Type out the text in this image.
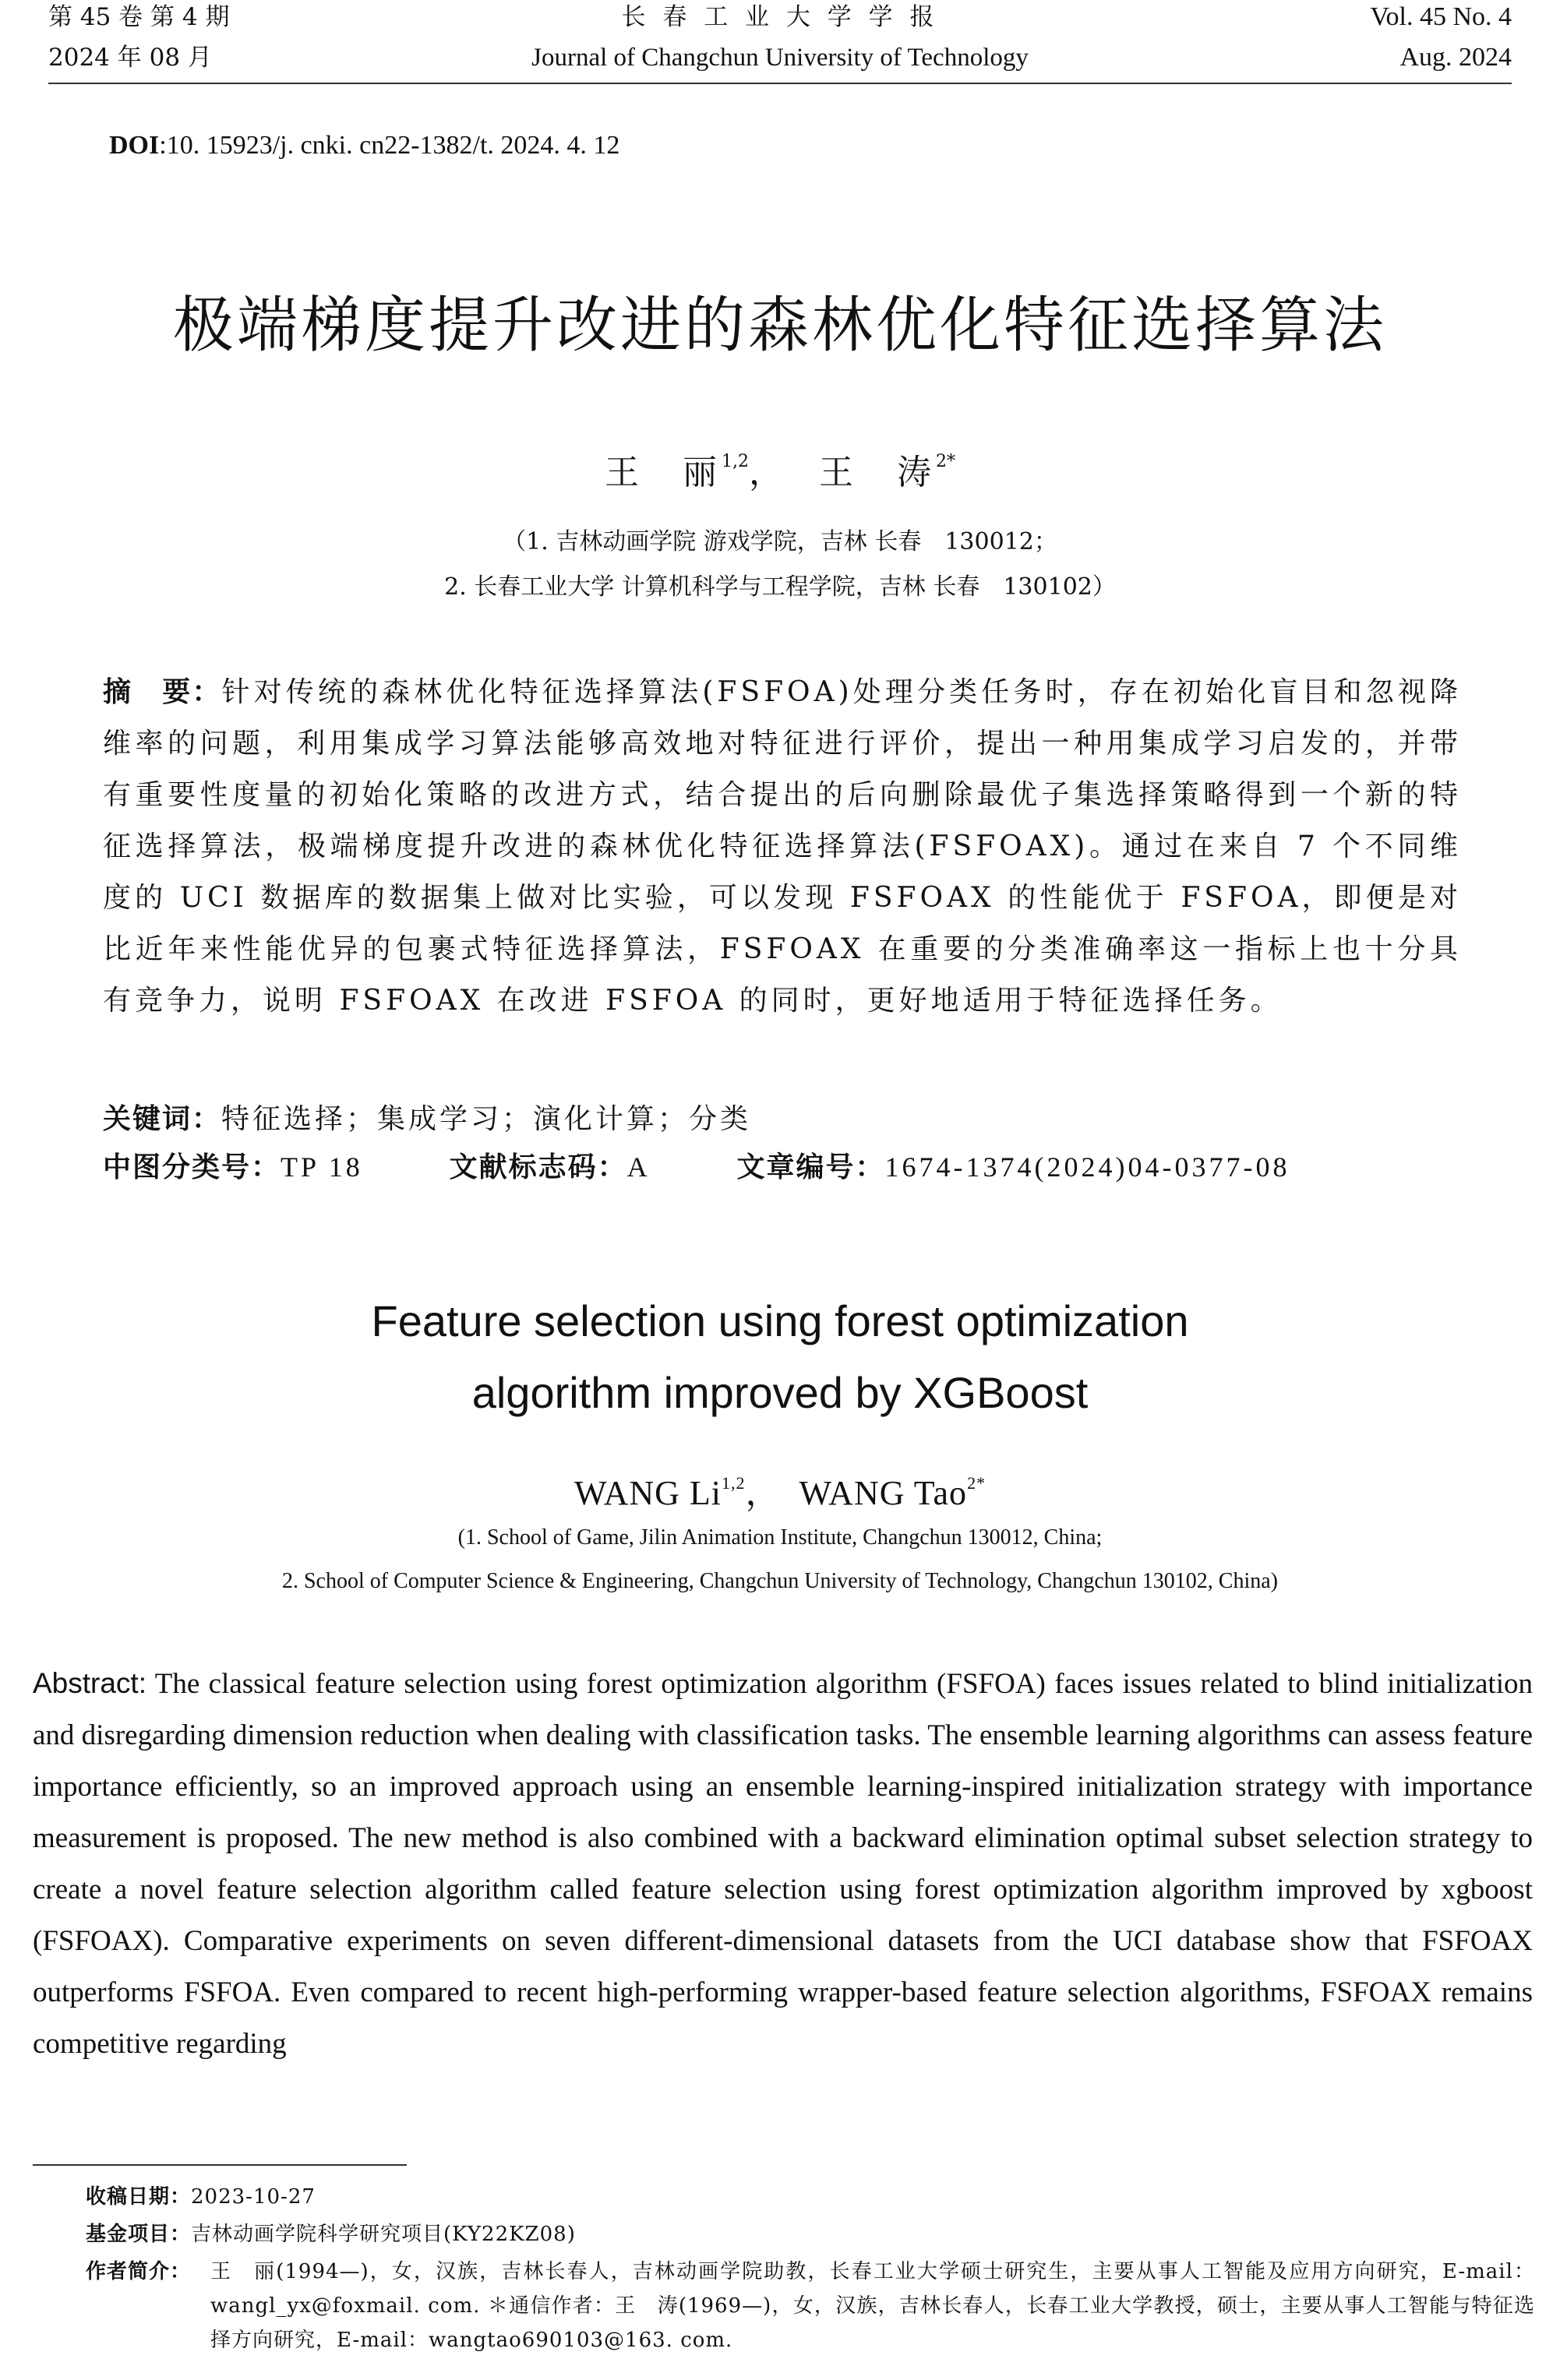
第 45 卷 第 4 期
2024 年 08 月
长 春 工 业 大 学 学 报
Journal of Changchun University of Technology
Vol. 45 No. 4
Aug. 2024
DOI:10. 15923/j. cnki. cn22-1382/t. 2024. 4. 12
极端梯度提升改进的森林优化特征选择算法
王　丽$^{1,2}$， 王　涛$^{2*}$
（1. 吉林动画学院 游戏学院，吉林 长春　130012；
2. 长春工业大学 计算机科学与工程学院，吉林 长春　130102）
摘　要：针对传统的森林优化特征选择算法(FSFOA)处理分类任务时，存在初始化盲目和忽视降维率的问题，利用集成学习算法能够高效地对特征进行评价，提出一种用集成学习启发的，并带有重要性度量的初始化策略的改进方式，结合提出的后向删除最优子集选择策略得到一个新的特征选择算法，极端梯度提升改进的森林优化特征选择算法(FSFOAX)。通过在来自 7 个不同维度的 UCI 数据库的数据集上做对比实验，可以发现 FSFOAX 的性能优于 FSFOA，即便是对比近年来性能优异的包裹式特征选择算法，FSFOAX 在重要的分类准确率这一指标上也十分具有竞争力，说明 FSFOAX 在改进 FSFOA 的同时，更好地适用于特征选择任务。
关键词：特征选择；集成学习；演化计算；分类
中图分类号：TP 18	文献标志码：A	文章编号：1674-1374(2024)04-0377-08
Feature selection using forest optimization
algorithm improved by XGBoost
WANG Li$^{1,2}$， WANG Tao$^{2*}$
(1. School of Game, Jilin Animation Institute, Changchun 130012, China;
2. School of Computer Science & Engineering, Changchun University of Technology, Changchun 130102, China)
Abstract: The classical feature selection using forest optimization algorithm (FSFOA) faces issues related to blind initialization and disregarding dimension reduction when dealing with classification tasks. The ensemble learning algorithms can assess feature importance efficiently, so an improved approach using an ensemble learning-inspired initialization strategy with importance measurement is proposed. The new method is also combined with a backward elimination optimal subset selection strategy to create a novel feature selection algorithm called feature selection using forest optimization algorithm improved by xgboost (FSFOAX). Comparative experiments on seven different-dimensional datasets from the UCI database show that FSFOAX outperforms FSFOA. Even compared to recent high-performing wrapper-based feature selection algorithms, FSFOAX remains competitive regarding
收稿日期：2023-10-27
基金项目：吉林动画学院科学研究项目(KY22KZ08)
作者简介： 王　丽(1994—)，女，汉族，吉林长春人，吉林动画学院助教，长春工业大学硕士研究生，主要从事人工智能及应用方向研究，E-mail：wangl_yx@foxmail. com. ＊通信作者：王　涛(1969—)，女，汉族，吉林长春人，长春工业大学教授，硕士，主要从事人工智能与特征选择方向研究，E-mail：wangtao690103@163. com.
